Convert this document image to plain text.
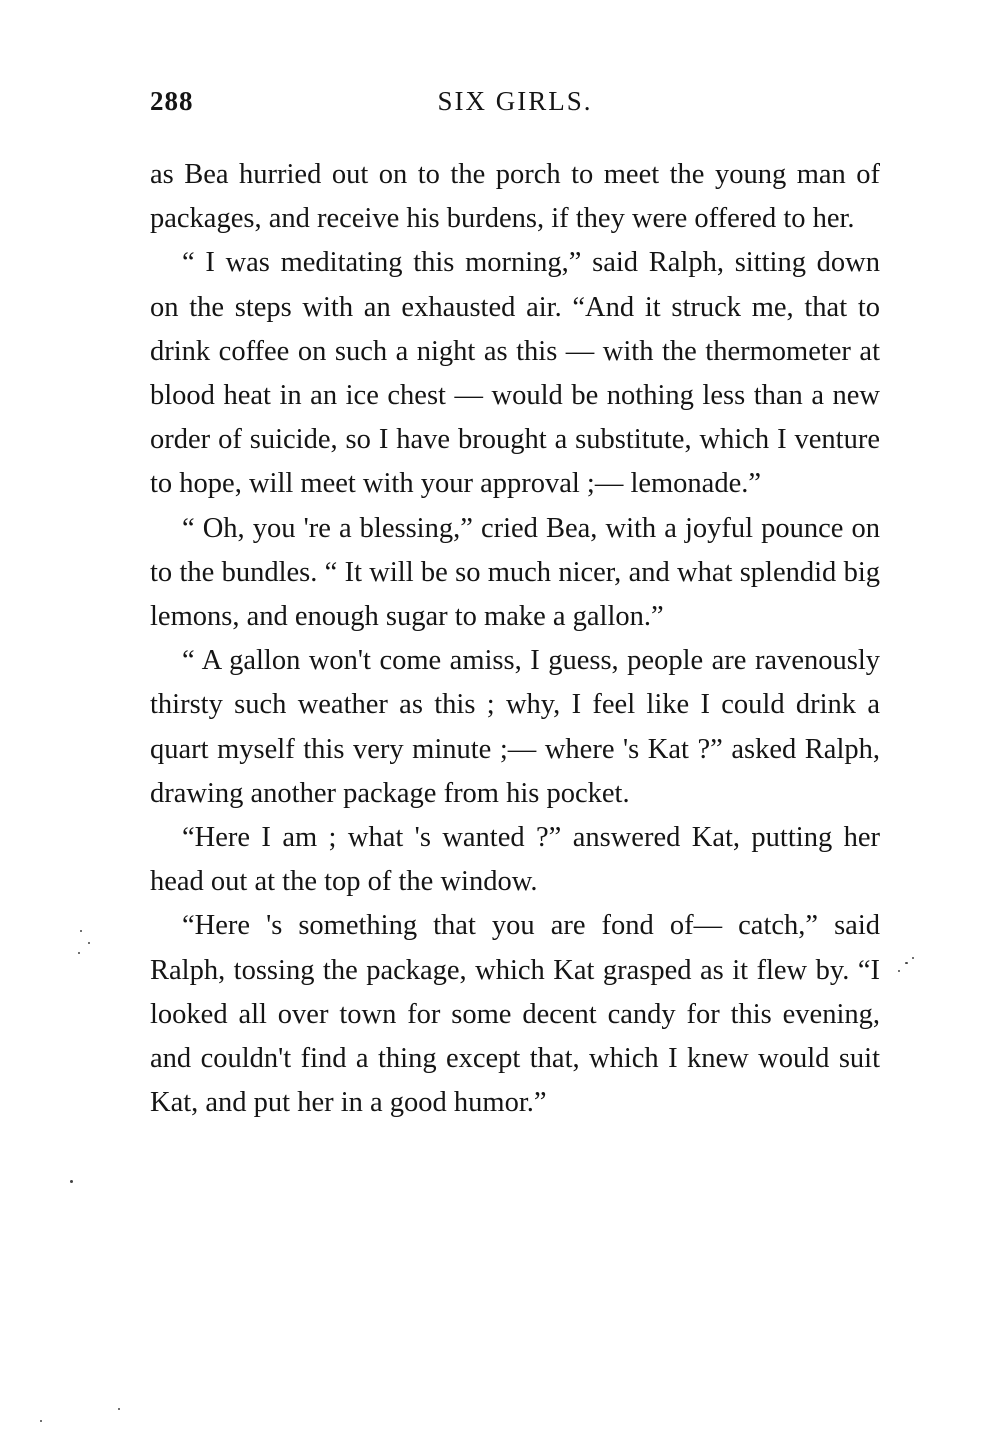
288	SIX GIRLS.

as Bea hurried out on to the porch to meet the young man of packages, and receive his burdens, if they were offered to her.

“ I was meditating this morning,” said Ralph, sitting down on the steps with an exhausted air. “And it struck me, that to drink coffee on such a night as this — with the thermometer at blood heat in an ice chest — would be nothing less than a new order of suicide, so I have brought a substitute, which I venture to hope, will meet with your approval ;— lemonade.”

“ Oh, you 're a blessing,” cried Bea, with a joyful pounce on to the bundles. “ It will be so much nicer, and what splendid big lemons, and enough sugar to make a gallon.”

“ A gallon won't come amiss, I guess, people are ravenously thirsty such weather as this ; why, I feel like I could drink a quart myself this very minute ;— where 's Kat ?” asked Ralph, drawing another package from his pocket.

“Here I am ; what 's wanted ?” answered Kat, putting her head out at the top of the window.

“Here 's something that you are fond of— catch,” said Ralph, tossing the package, which Kat grasped as it flew by. “I looked all over town for some decent candy for this evening, and couldn't find a thing except that, which I knew would suit Kat, and put her in a good humor.”
